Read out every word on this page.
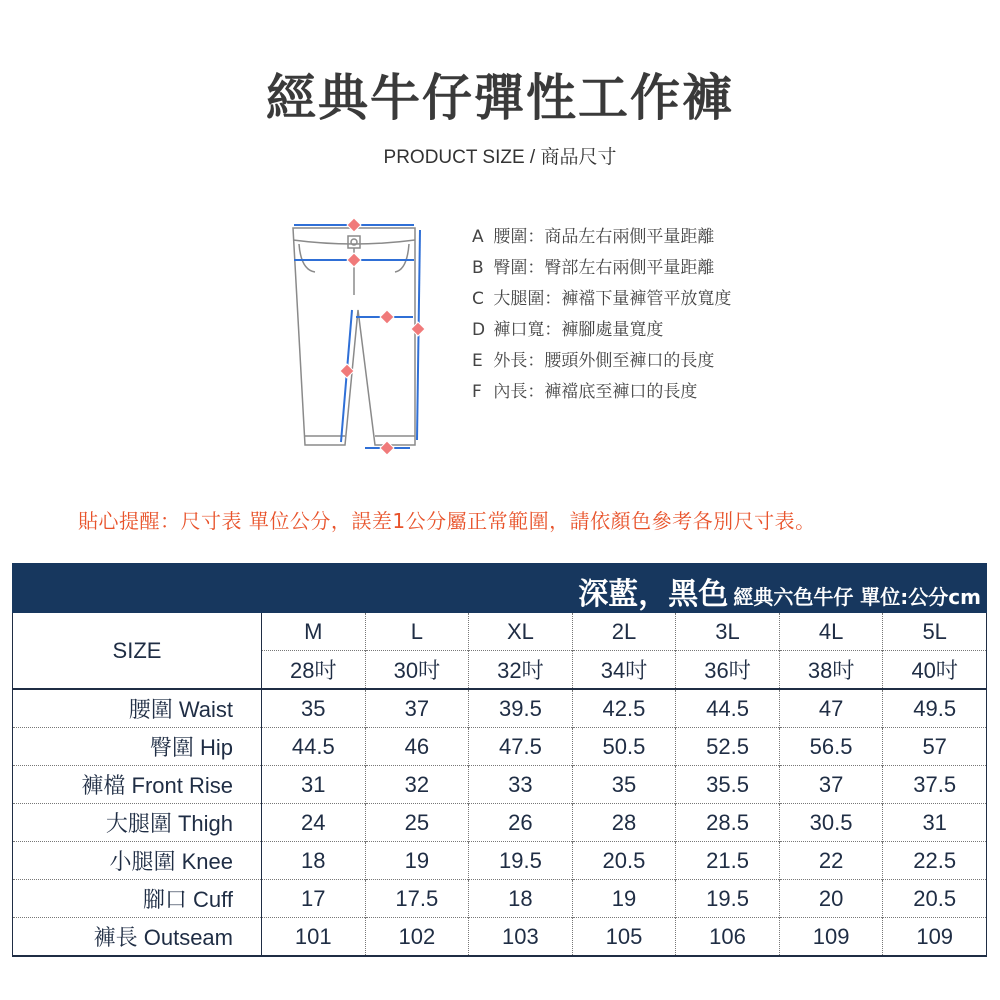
經典牛仔彈性工作褲
PRODUCT SIZE / 商品尺寸
A 腰圍：商品左右兩側平量距離
B 臀圍：臀部左右兩側平量距離
C 大腿圍：褲襠下量褲管平放寬度
D 褲口寬：褲腳處量寬度
E 外長：腰頭外側至褲口的長度
F 內長：褲襠底至褲口的長度
貼心提醒：尺寸表 單位公分，誤差1公分屬正常範圍，請依顏色參考各別尺寸表。
深藍，黑色 經典六色牛仔 單位:公分cm
SIZE	M	L	XL	2L	3L	4L	5L
	28吋	30吋	32吋	34吋	36吋	38吋	40吋
腰圍 Waist	35	37	39.5	42.5	44.5	47	49.5
臀圍 Hip	44.5	46	47.5	50.5	52.5	56.5	57
褲檔 Front Rise	31	32	33	35	35.5	37	37.5
大腿圍 Thigh	24	25	26	28	28.5	30.5	31
小腿圍 Knee	18	19	19.5	20.5	21.5	22	22.5
腳口 Cuff	17	17.5	18	19	19.5	20	20.5
褲長 Outseam	101	102	103	105	106	109	109
